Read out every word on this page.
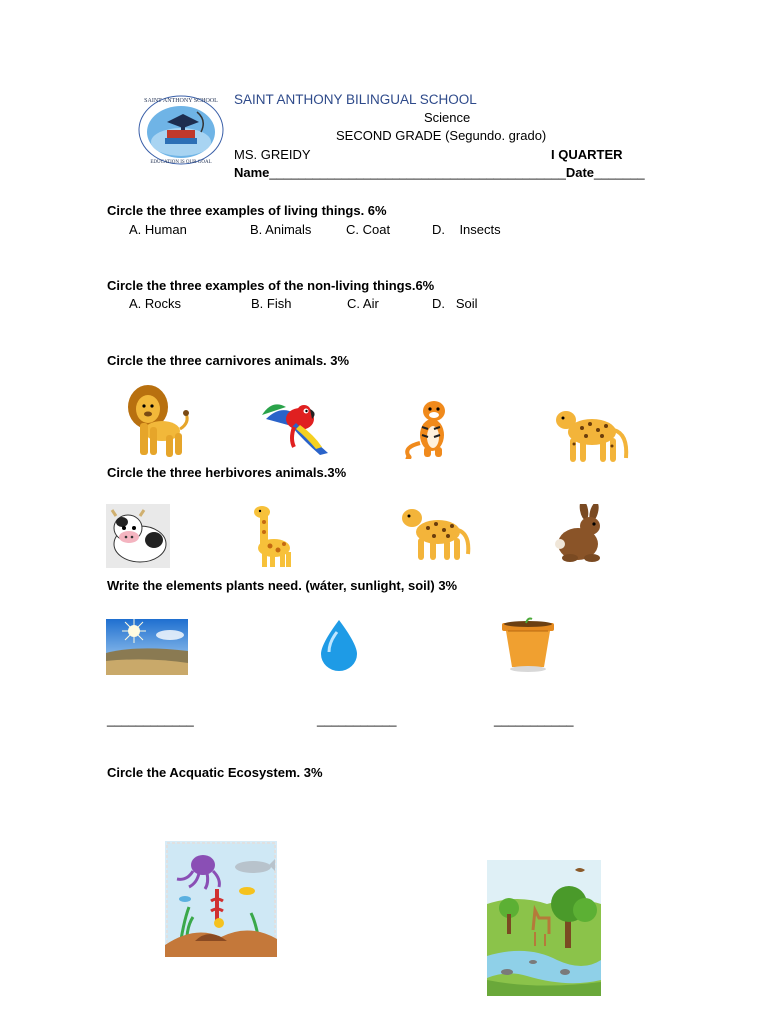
SAINT ANTHONY SCHOOL
EDUCATION IS OUR GOAL
SAINT ANTHONY BILINGUAL SCHOOL
Science
SECOND GRADE (Segundo. grado)
MS. GREIDY	I QUARTER
Name_________________________________________Date_______
Circle the three examples of living things. 6%
A. Human	B. Animals	C. Coat	D.    Insects
Circle the three examples of the non-living things.6%
A. Rocks	B. Fish	C. Air	D.   Soil
Circle the three carnivores animals. 3%
Circle the three herbivores animals.3%
Write the elements plants need. (wáter, sunlight, soil) 3%
____________	___________	___________
Circle the Acquatic Ecosystem. 3%
